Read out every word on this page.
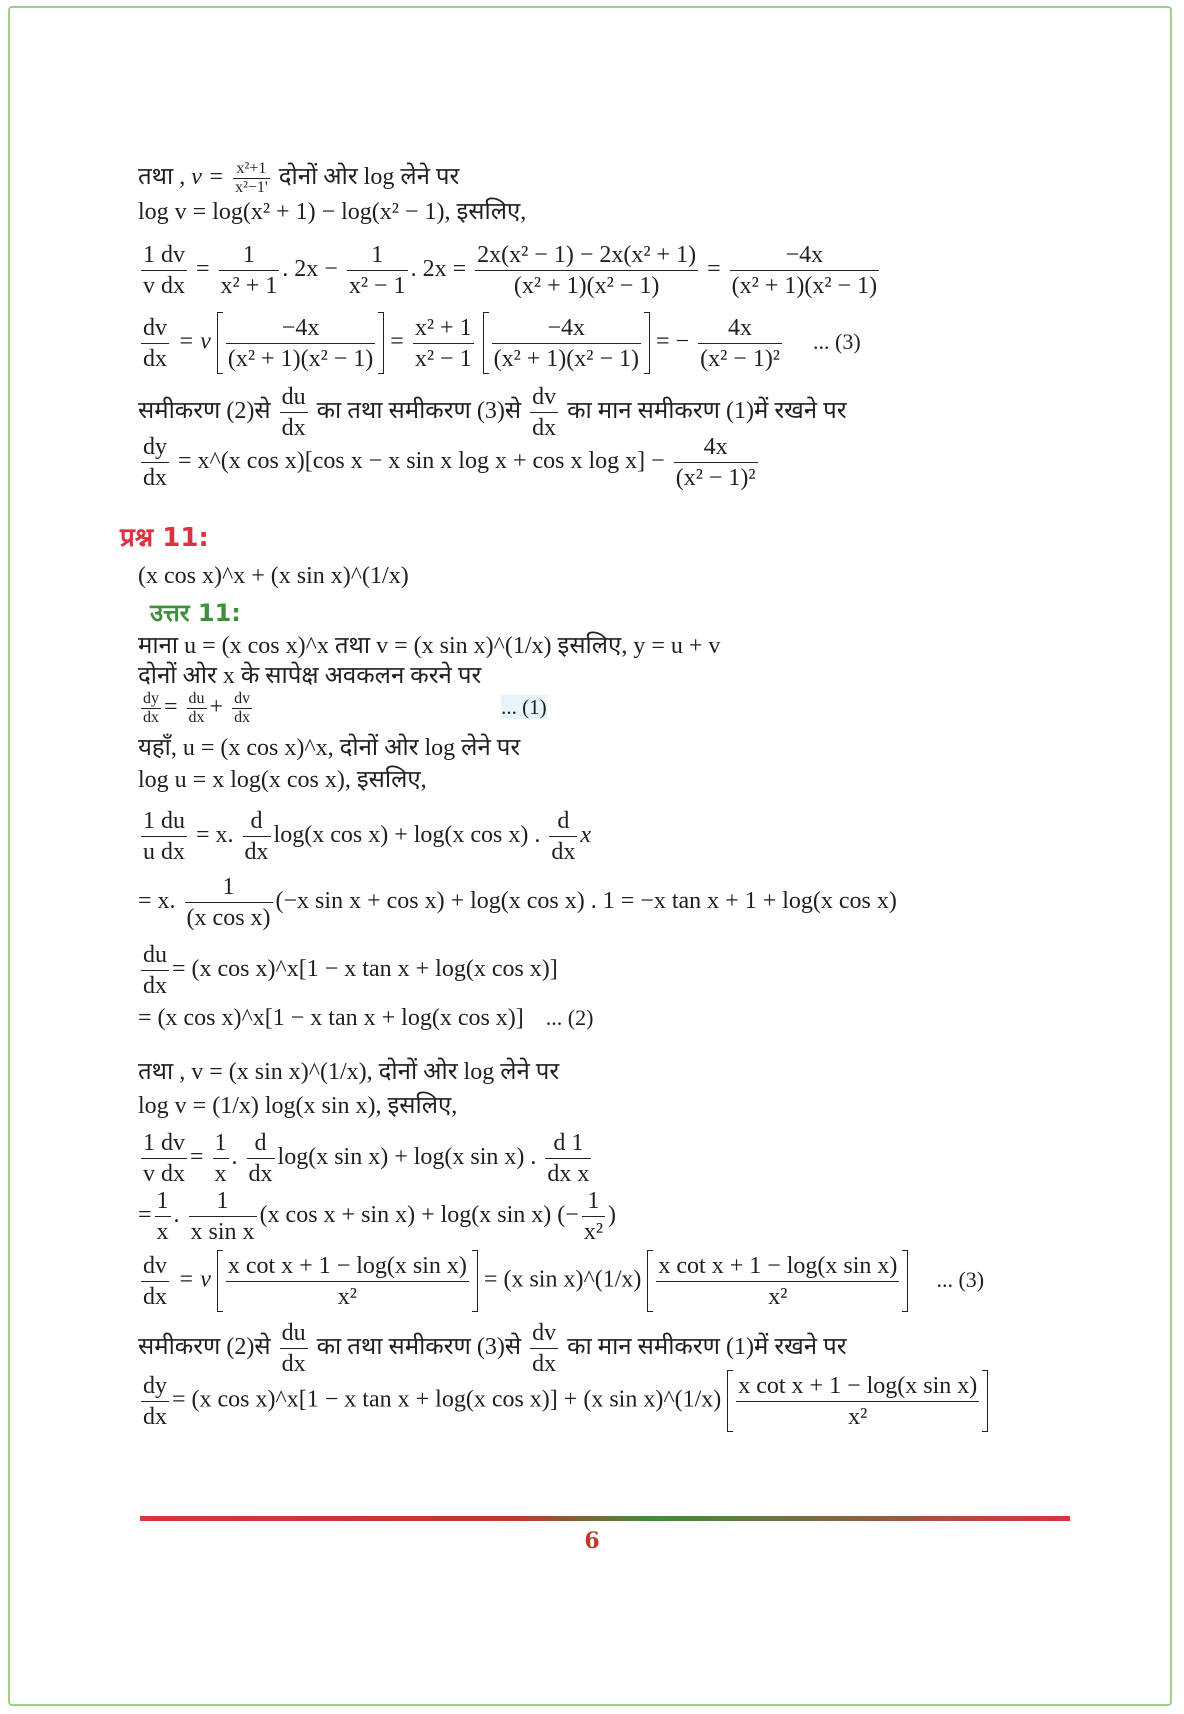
तथा , $v = \frac{\text{x²+1}}{\text{x²−1'}}$ दोनों ओर log लेने पर
log v = log(x² + 1) − log(x² − 1), इसलिए,
$\frac{1 dv}{\text{v dx}} = \frac{1}{\text{x² + 1}}$ . $2x - \frac{1}{\text{x² − 1}}$ . $2x = \frac{\text{2x(x² − 1) − 2x(x² + 1)}}{\text{(x² + 1)(x² − 1)}} = \frac{-4x}{\text{(x² + 1)(x² − 1)}}$
$\frac{dv}{dx} = v \frac{-4x}{\text{(x² + 1)(x² − 1)}} = \frac{\text{x² + 1}}{\text{x² − 1}}$
$\frac{-4x}{\text{(x² + 1)(x² − 1)}}$ = − $\frac{4x}{\text{(x² − 1)²}}$ ... (3)
समीकरण (2)से $\frac{du}{dx}$ का तथा समीकरण (3)से $\frac{dv}{dx}$ का मान समीकरण (1)में रखने पर
$\frac{dy}{dx}$ = x^(x cos x)[cos x − x sin x log x + cos x $\log x] - \frac{4x}{\text{(x² − 1)²}}$
प्रश्न 11:
(x cos x)^x + (x sin x)^(1/x)
उत्तर 11:
माना u = (x cos x)^x तथा v = (x sin x)^(1/x) इसलिए, y = u + v
दोनों ओर x के सापेक्ष अवकलन करने पर
$\frac{dy}{dx} = \frac{du}{dx} + \frac{dv}{dx}$	... (1)
यहाँ, u = (x cos x)^x, दोनों ओर log लेने पर
log u = x log(x cos x), इसलिए,
$\frac{1 du}{\text{u dx}} = x$. $\frac{d}{dx} \log(x$ cos x) + log(x cos x) . $\frac{d}{dx}$ x
= x. $\frac{1}{\text{(x cos x)}} (-x$ sin x + cos x) + log(x cos x) . 1 = −x tan x + 1 + log(x cos x)
$\frac{du}{dx} = (x$ cos x)^x[1 − x tan x + log(x cos x)]
= (x cos x)^x[1 − x tan x + log(x cos x)] ... (2)
तथा , v = (x sin x)^(1/x), दोनों ओर log लेने पर
log v = (1/x) log(x sin x), इसलिए,
$\frac{1 dv}{\text{v dx}} = \frac{1}{x}$ . $\frac{d}{dx} \log(x$ sin x) + log(x sin x) . $\frac{d 1}{\text{dx x}}$
= $\frac{1}{x}$ . $\frac{1}{\text{x sin x}} (x$ cos x + sin x) + log(x sin x) (− $\frac{1}{\text{x²}}$ )
$\frac{dv}{dx} = v \frac{\text{x cot x + 1 − log(x sin x)}}{\text{x²}} = (x$ sin x)^(1/x) $\frac{\text{x cot x + 1 − log(x sin x)}}{\text{x²}}$ ... (3)
समीकरण (2)से $\frac{du}{dx}$ का तथा समीकरण (3)से $\frac{dv}{dx}$ का मान समीकरण (1)में रखने पर
$\frac{dy}{dx} = (x$ cos x)^x[1 − x tan x + log(x cos x)] + (x sin x)^(1/x) $\frac{\text{x cot x + 1 − log(x sin x)}}{\text{x²}}$
6
